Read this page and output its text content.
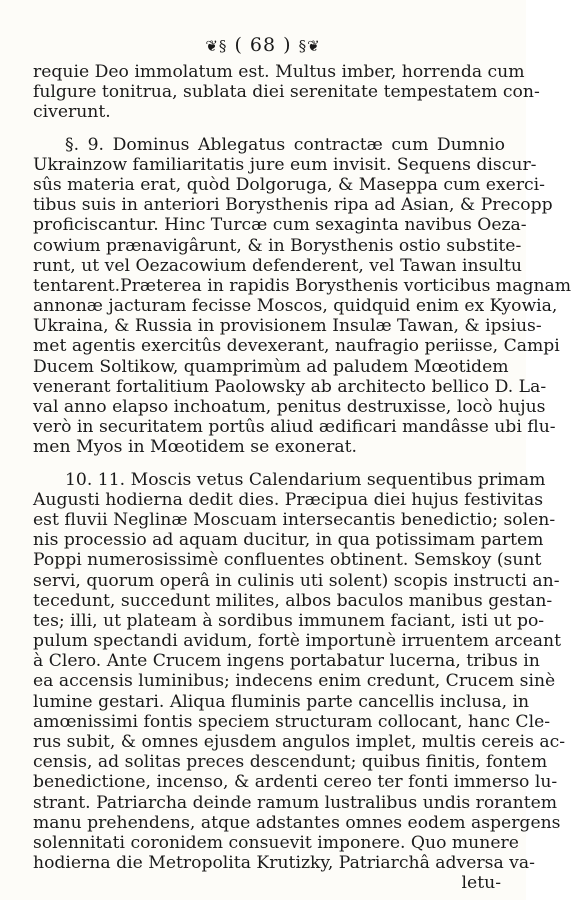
❦§ ( 68 ) §❦
requie Deo immolatum est. Multus imber, horrenda cum
fulgure tonitrua, sublata diei serenitate tempestatem con-
civerunt.
§. 9. Dominus Ablegatus contractæ cum Dumnio
Ukrainzow familiaritatis jure eum invisit. Sequens discur-
sûs materia erat, quòd Dolgoruga, & Maseppa cum exerci-
tibus suis in anteriori Borysthenis ripa ad Asian, & Precopp
proficiscantur. Hinc Turcæ cum sexaginta navibus Oeza-
cowium prænavigârunt, & in Borysthenis ostio substite-
runt, ut vel Oezacowium defenderent, vel Tawan insultu
tentarent.Præterea in rapidis Borysthenis vorticibus magnam
annonæ jacturam fecisse Moscos, quidquid enim ex Kyowia,
Ukraina, & Russia in provisionem Insulæ Tawan, & ipsius-
met agentis exercitûs devexerant, naufragio periisse, Campi
Ducem Soltikow, quamprimùm ad paludem Mœotidem
venerant fortalitium Paolowsky ab architecto bellico D. La-
val anno elapso inchoatum, penitus destruxisse, locò hujus
verò in securitatem portûs aliud ædificari mandâsse ubi flu-
men Myos in Mœotidem se exonerat.
10. 11. Moscis vetus Calendarium sequentibus primam
Augusti hodierna dedit dies. Præcipua diei hujus festivitas
est fluvii Neglinæ Moscuam intersecantis benedictio; solen-
nis processio ad aquam ducitur, in qua potissimam partem
Poppi numerosissimè confluentes obtinent. Semskoy (sunt
servi, quorum operâ in culinis uti solent) scopis instructi an-
tecedunt, succedunt milites, albos baculos manibus gestan-
tes; illi, ut plateam à sordibus immunem faciant, isti ut po-
pulum spectandi avidum, fortè importunè irruentem arceant
à Clero. Ante Crucem ingens portabatur lucerna, tribus in
ea accensis luminibus; indecens enim credunt, Crucem sinè
lumine gestari. Aliqua fluminis parte cancellis inclusa, in
amœnissimi fontis speciem structuram collocant, hanc Cle-
rus subit, & omnes ejusdem angulos implet, multis cereis ac-
censis, ad solitas preces descendunt; quibus finitis, fontem
benedictione, incenso, & ardenti cereo ter fonti immerso lu-
strant. Patriarcha deinde ramum lustralibus undis rorantem
manu prehendens, atque adstantes omnes eodem aspergens
solennitati coronidem consuevit imponere. Quo munere
hodierna die Metropolita Krutizky, Patriarchâ adversa va-
letu-
